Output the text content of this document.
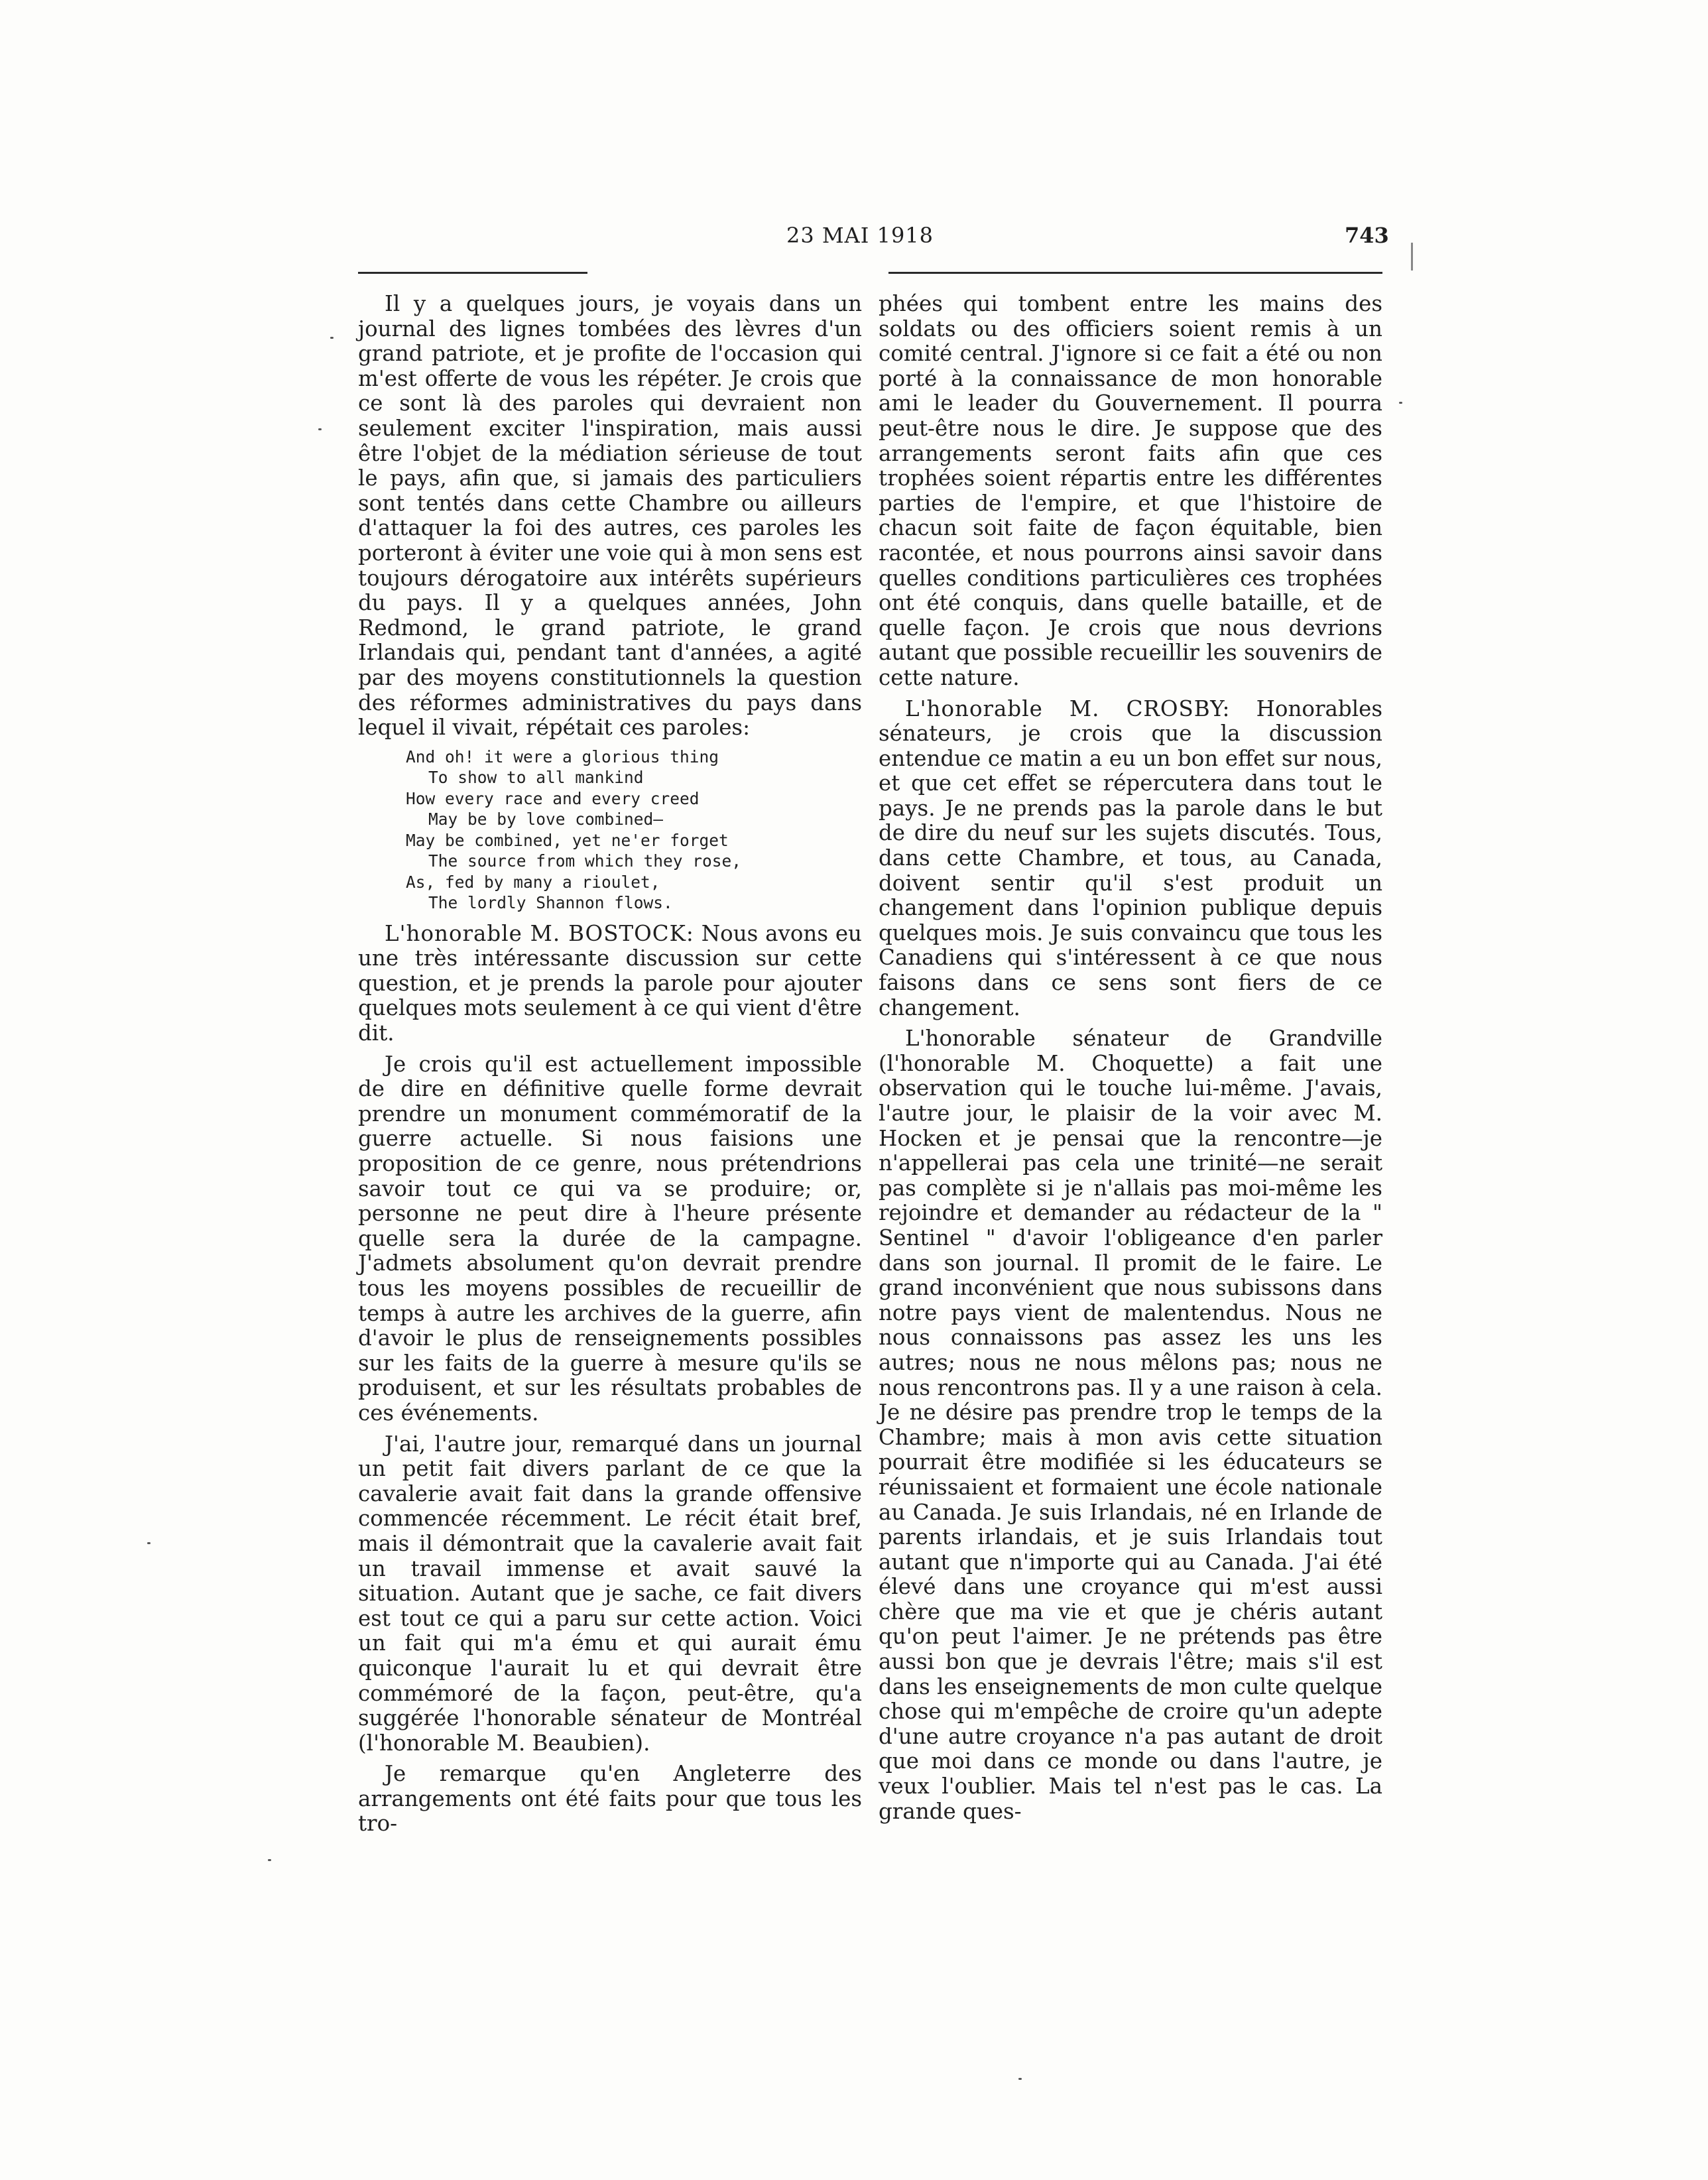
23 MAI 1918	743

Il y a quelques jours, je voyais dans un journal des lignes tombées des lèvres d'un grand patriote, et je profite de l'occasion qui m'est offerte de vous les répéter. Je crois que ce sont là des paroles qui devraient non seulement exciter l'inspiration, mais aussi être l'objet de la médiation sérieuse de tout le pays, afin que, si jamais des particuliers sont tentés dans cette Chambre ou ailleurs d'attaquer la foi des autres, ces paroles les porteront à éviter une voie qui à mon sens est toujours dérogatoire aux intérêts supérieurs du pays. Il y a quelques années, John Redmond, le grand patriote, le grand Irlandais qui, pendant tant d'années, a agité par des moyens constitutionnels la question des réformes administratives du pays dans lequel il vivait, répétait ces paroles:

And oh! it were a glorious thing
To show to all mankind
How every race and every creed
May be by love combined—
May be combined, yet ne'er forget
The source from which they rose,
As, fed by many a rioulet,
The lordly Shannon flows.

L'honorable M. BOSTOCK: Nous avons eu une très intéressante discussion sur cette question, et je prends la parole pour ajouter quelques mots seulement à ce qui vient d'être dit.

Je crois qu'il est actuellement impossible de dire en définitive quelle forme devrait prendre un monument commémoratif de la guerre actuelle. Si nous faisions une proposition de ce genre, nous prétendrions savoir tout ce qui va se produire; or, personne ne peut dire à l'heure présente quelle sera la durée de la campagne. J'admets absolument qu'on devrait prendre tous les moyens possibles de recueillir de temps à autre les archives de la guerre, afin d'avoir le plus de renseignements possibles sur les faits de la guerre à mesure qu'ils se produisent, et sur les résultats probables de ces événements.

J'ai, l'autre jour, remarqué dans un journal un petit fait divers parlant de ce que la cavalerie avait fait dans la grande offensive commencée récemment. Le récit était bref, mais il démontrait que la cavalerie avait fait un travail immense et avait sauvé la situation. Autant que je sache, ce fait divers est tout ce qui a paru sur cette action. Voici un fait qui m'a ému et qui aurait ému quiconque l'aurait lu et qui devrait être commémoré de la façon, peut-être, qu'a suggérée l'honorable sénateur de Montréal (l'honorable M. Beaubien).

Je remarque qu'en Angleterre des arrangements ont été faits pour que tous les tro-

phées qui tombent entre les mains des soldats ou des officiers soient remis à un comité central. J'ignore si ce fait a été ou non porté à la connaissance de mon honorable ami le leader du Gouvernement. Il pourra peut-être nous le dire. Je suppose que des arrangements seront faits afin que ces trophées soient répartis entre les différentes parties de l'empire, et que l'histoire de chacun soit faite de façon équitable, bien racontée, et nous pourrons ainsi savoir dans quelles conditions particulières ces trophées ont été conquis, dans quelle bataille, et de quelle façon. Je crois que nous devrions autant que possible recueillir les souvenirs de cette nature.

L'honorable M. CROSBY: Honorables sénateurs, je crois que la discussion entendue ce matin a eu un bon effet sur nous, et que cet effet se répercutera dans tout le pays. Je ne prends pas la parole dans le but de dire du neuf sur les sujets discutés. Tous, dans cette Chambre, et tous, au Canada, doivent sentir qu'il s'est produit un changement dans l'opinion publique depuis quelques mois. Je suis convaincu que tous les Canadiens qui s'intéressent à ce que nous faisons dans ce sens sont fiers de ce changement.

L'honorable sénateur de Grandville (l'honorable M. Choquette) a fait une observation qui le touche lui-même. J'avais, l'autre jour, le plaisir de la voir avec M. Hocken et je pensai que la rencontre—je n'appellerai pas cela une trinité—ne serait pas complète si je n'allais pas moi-même les rejoindre et demander au rédacteur de la " Sentinel " d'avoir l'obligeance d'en parler dans son journal. Il promit de le faire. Le grand inconvénient que nous subissons dans notre pays vient de malentendus. Nous ne nous connaissons pas assez les uns les autres; nous ne nous mêlons pas; nous ne nous rencontrons pas. Il y a une raison à cela. Je ne désire pas prendre trop le temps de la Chambre; mais à mon avis cette situation pourrait être modifiée si les éducateurs se réunissaient et formaient une école nationale au Canada. Je suis Irlandais, né en Irlande de parents irlandais, et je suis Irlandais tout autant que n'importe qui au Canada. J'ai été élevé dans une croyance qui m'est aussi chère que ma vie et que je chéris autant qu'on peut l'aimer. Je ne prétends pas être aussi bon que je devrais l'être; mais s'il est dans les enseignements de mon culte quelque chose qui m'empêche de croire qu'un adepte d'une autre croyance n'a pas autant de droit que moi dans ce monde ou dans l'autre, je veux l'oublier. Mais tel n'est pas le cas. La grande ques-
